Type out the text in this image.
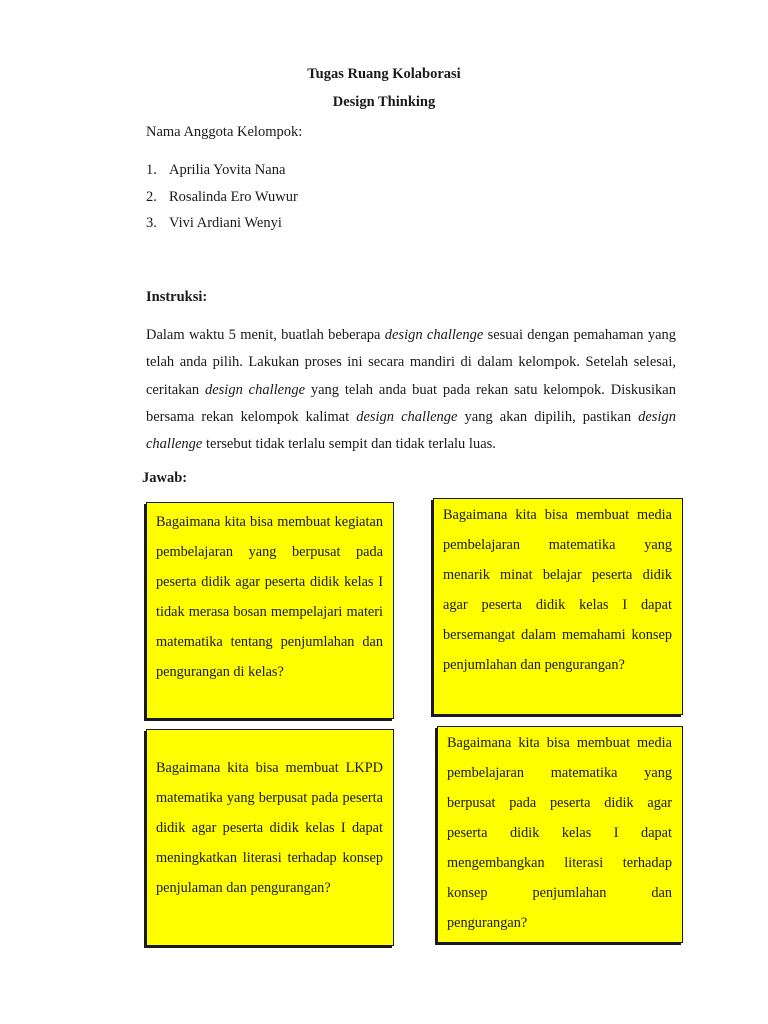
Tugas Ruang Kolaborasi
Design Thinking
Nama Anggota Kelompok:
1. Aprilia Yovita Nana
2. Rosalinda Ero Wuwur
3. Vivi Ardiani Wenyi
Instruksi:

Dalam waktu 5 menit, buatlah beberapa design challenge sesuai dengan pemahaman yang telah anda pilih. Lakukan proses ini secara mandiri di dalam kelompok. Setelah selesai, ceritakan design challenge yang telah anda buat pada rekan satu kelompok. Diskusikan bersama rekan kelompok kalimat design challenge yang akan dipilih, pastikan design challenge tersebut tidak terlalu sempit dan tidak terlalu luas.

Jawab:

Bagaimana kita bisa membuat kegiatan pembelajaran yang berpusat pada peserta didik agar peserta didik kelas I tidak merasa bosan mempelajari materi matematika tentang penjumlahan dan pengurangan di kelas?

Bagaimana kita bisa membuat media pembelajaran matematika yang menarik minat belajar peserta didik agar peserta didik kelas I dapat bersemangat dalam memahami konsep penjumlahan dan pengurangan?

Bagaimana kita bisa membuat LKPD matematika yang berpusat pada peserta didik agar peserta didik kelas I dapat meningkatkan literasi terhadap konsep penjulaman dan pengurangan?

Bagaimana kita bisa membuat media pembelajaran matematika yang berpusat pada peserta didik agar peserta didik kelas I dapat mengembangkan literasi terhadap konsep penjumlahan dan pengurangan?
